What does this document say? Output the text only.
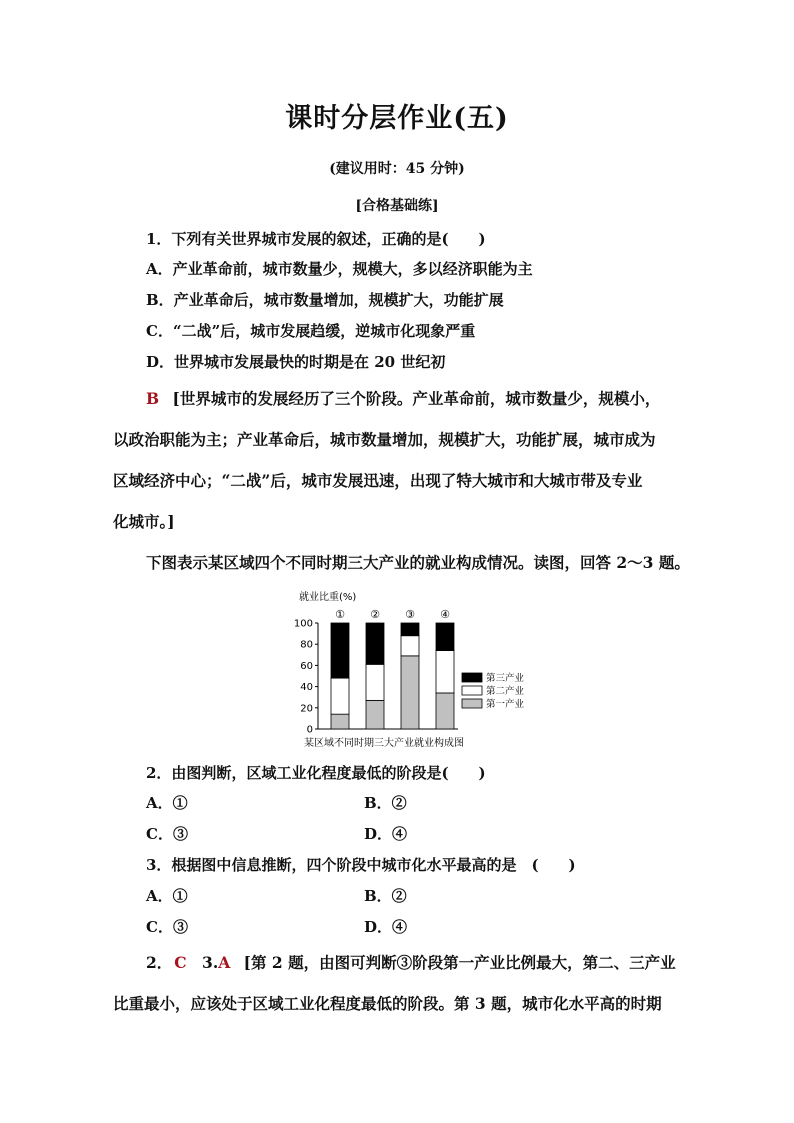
课时分层作业(五)
(建议用时：45 分钟)
[合格基础练]
1．下列有关世界城市发展的叙述，正确的是(　　)
A．产业革命前，城市数量少，规模大，多以经济职能为主
B．产业革命后，城市数量增加，规模扩大，功能扩展
C．“二战”后，城市发展趋缓，逆城市化现象严重
D．世界城市发展最快的时期是在 20 世纪初
B [世界城市的发展经历了三个阶段。产业革命前，城市数量少，规模小，
以政治职能为主；产业革命后，城市数量增加，规模扩大，功能扩展，城市成为
区域经济中心；“二战”后，城市发展迅速，出现了特大城市和大城市带及专业
化城市。]
下图表示某区域四个不同时期三大产业的就业构成情况。读图，回答 2～3 题。
就业比重(%)
0
20
40
60
80
100
① ② ③ ④
第三产业
第二产业
第一产业
某区域不同时期三大产业就业构成图
2．由图判断，区域工业化程度最低的阶段是(　　)
A．①	B．②
C．③	D．④
3．根据图中信息推断，四个阶段中城市化水平最高的是　(　　)
A．①	B．②
C．③	D．④
2． C 3.A [第 2 题，由图可判断③阶段第一产业比例最大，第二、三产业
比重最小，应该处于区域工业化程度最低的阶段。第 3 题，城市化水平高的时期
